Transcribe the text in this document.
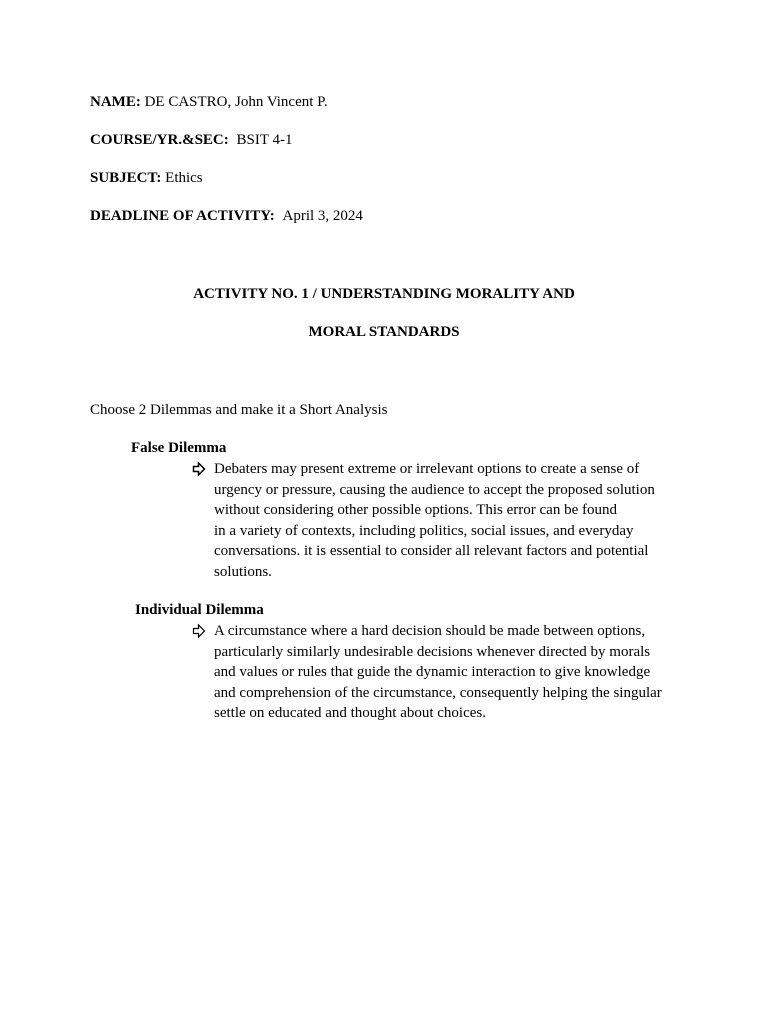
NAME: DE CASTRO, John Vincent P.
COURSE/YR.&SEC: BSIT 4-1
SUBJECT: Ethics
DEADLINE OF ACTIVITY: April 3, 2024
ACTIVITY NO. 1 / UNDERSTANDING MORALITY AND
MORAL STANDARDS
Choose 2 Dilemmas and make it a Short Analysis
False Dilemma
Debaters may present extreme or irrelevant options to create a sense of
urgency or pressure, causing the audience to accept the proposed solution
without considering other possible options. This error can be found
in a variety of contexts, including politics, social issues, and everyday
conversations. it is essential to consider all relevant factors and potential
solutions.
Individual Dilemma
A circumstance where a hard decision should be made between options,
particularly similarly undesirable decisions whenever directed by morals
and values or rules that guide the dynamic interaction to give knowledge
and comprehension of the circumstance, consequently helping the singular
settle on educated and thought about choices.
